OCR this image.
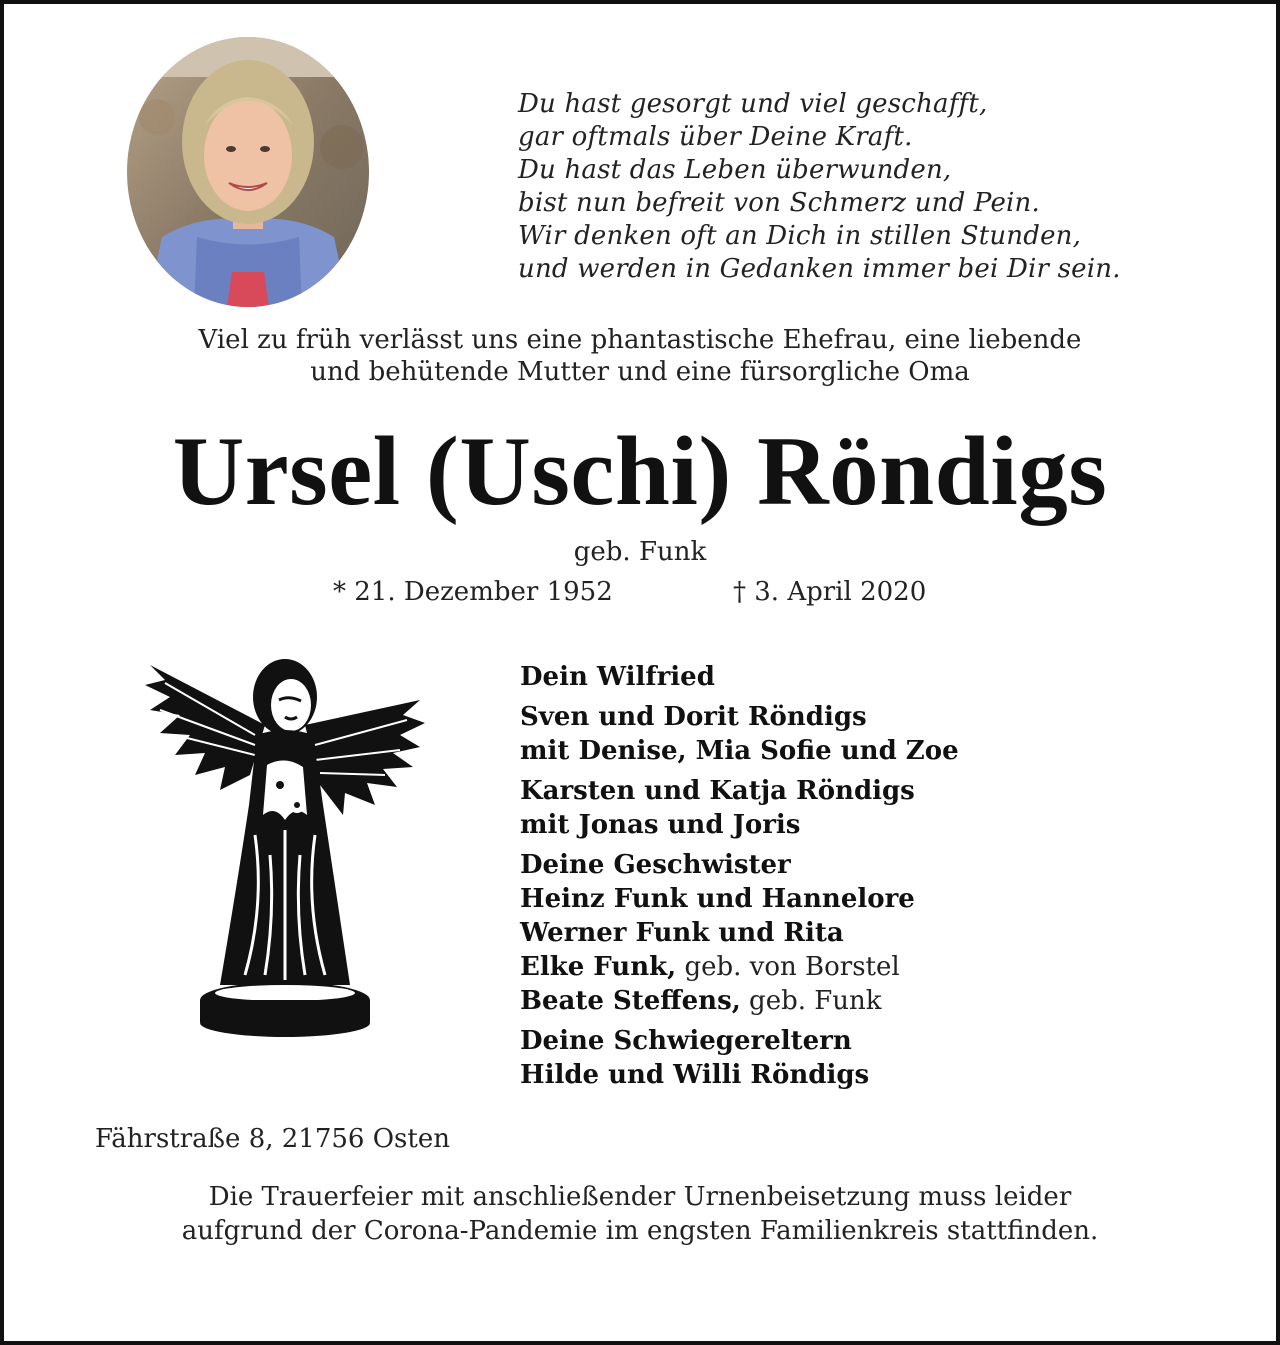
Du hast gesorgt und viel geschafft,
gar oftmals über Deine Kraft.
Du hast das Leben überwunden,
bist nun befreit von Schmerz und Pein.
Wir denken oft an Dich in stillen Stunden,
und werden in Gedanken immer bei Dir sein.
Viel zu früh verlässt uns eine phantastische Ehefrau, eine liebende
und behütende Mutter und eine fürsorgliche Oma
Ursel (Uschi) Röndigs
geb. Funk
* 21. Dezember 1952	† 3. April 2020
Dein Wilfried
Sven und Dorit Röndigs
mit Denise, Mia Sofie und Zoe
Karsten und Katja Röndigs
mit Jonas und Joris
Deine Geschwister
Heinz Funk und Hannelore
Werner Funk und Rita
Elke Funk, geb. von Borstel
Beate Steffens, geb. Funk
Deine Schwiegereltern
Hilde und Willi Röndigs
Fährstraße 8, 21756 Osten
Die Trauerfeier mit anschließender Urnenbeisetzung muss leider
aufgrund der Corona-Pandemie im engsten Familienkreis stattfinden.
